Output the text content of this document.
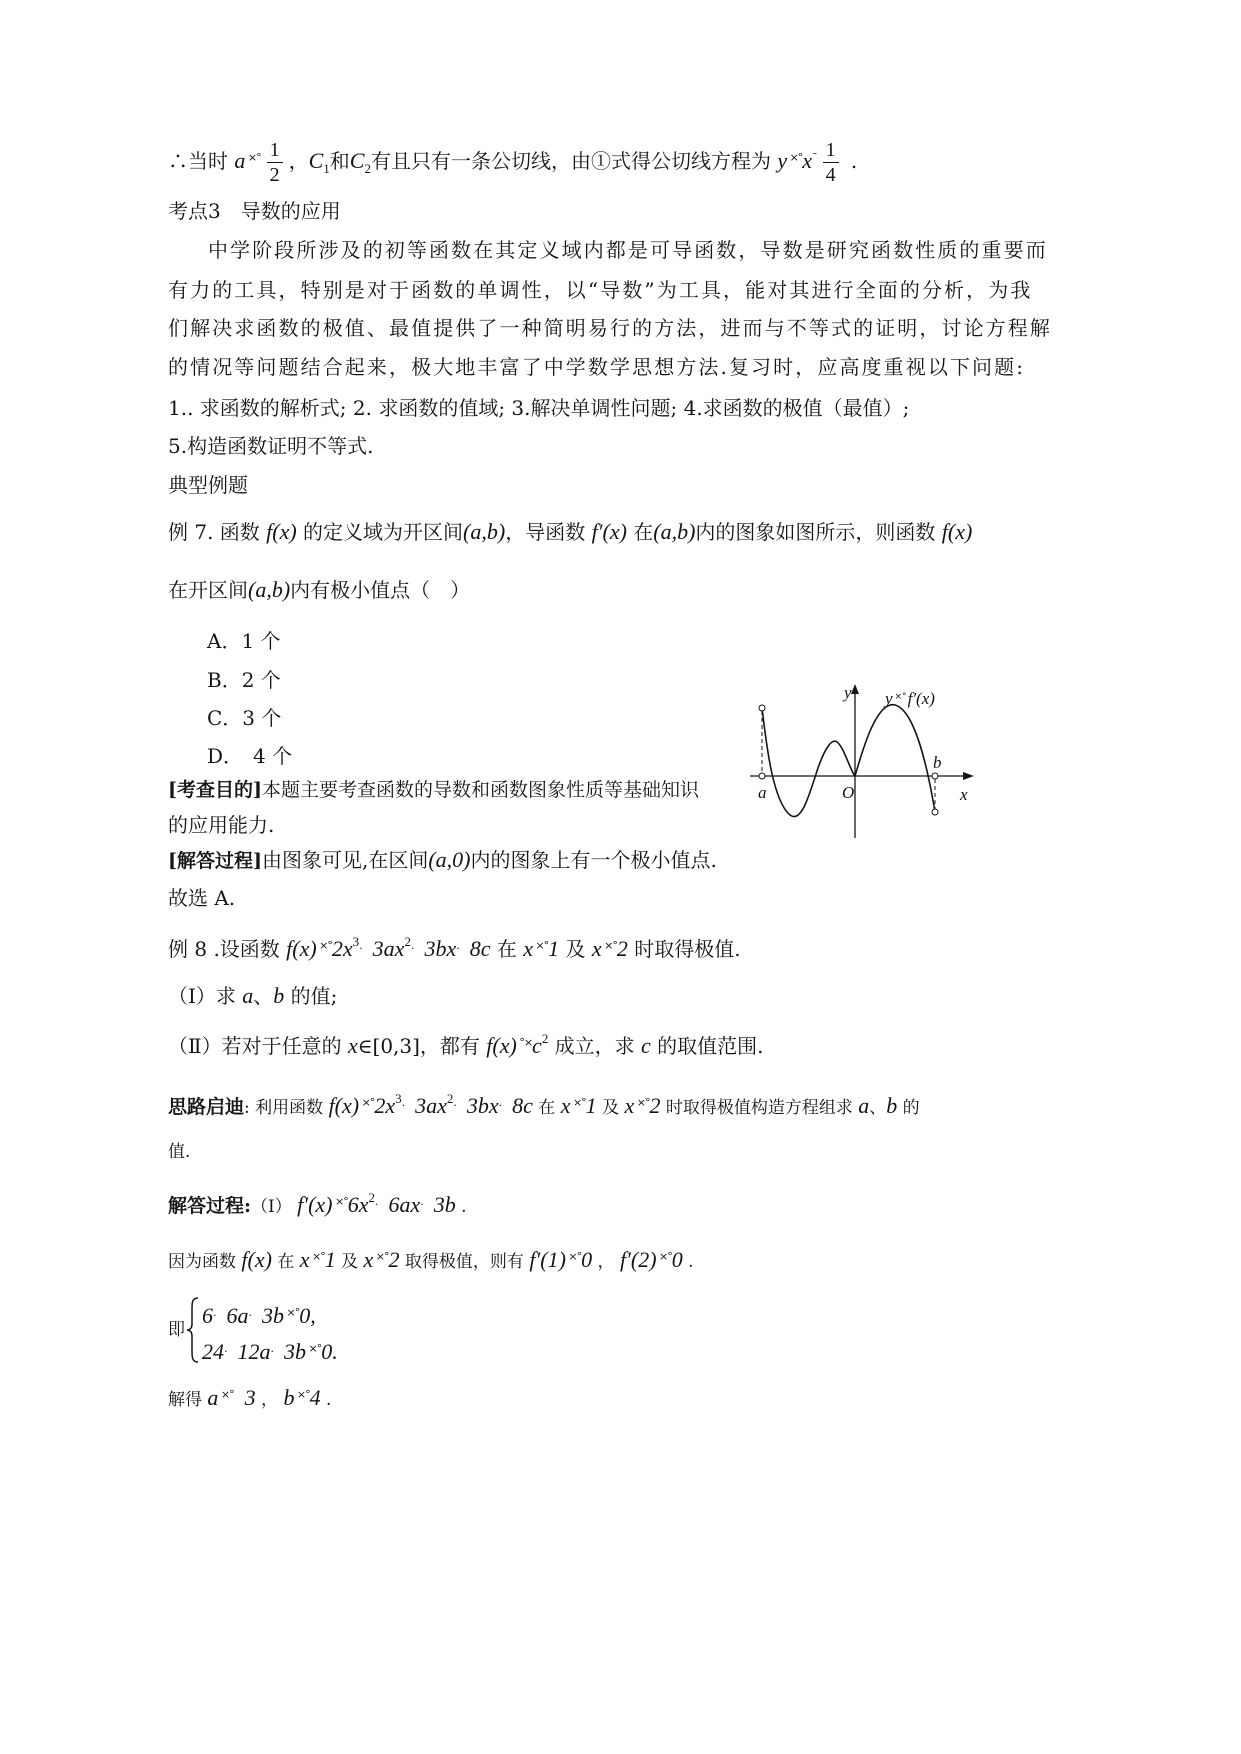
∴当时 a $^{\times^\circ} \frac{1}{2}$ ，$C_1$和$C_2$有且只有一条公切线，由①式得公切线方程为 y $^{\times^\circ}x^ˉ \frac{1}{4}$ .
考点3　导数的应用
中学阶段所涉及的初等函数在其定义域内都是可导函数，导数是研究函数性质的重要而
有力的工具，特别是对于函数的单调性，以“导数”为工具，能对其进行全面的分析，为我
们解决求函数的极值、最值提供了一种简明易行的方法，进而与不等式的证明，讨论方程解
的情况等问题结合起来，极大地丰富了中学数学思想方法.复习时，应高度重视以下问题:
1.. 求函数的解析式; 2. 求函数的值域; 3.解决单调性问题; 4.求函数的极值（最值）;
5.构造函数证明不等式.
典型例题
例 7. 函数 f(x) 的定义域为开区间(a,b)，导函数 f′(x) 在(a,b)内的图象如图所示，则函数 f(x)
在开区间(a,b)内有极小值点（　）
A．1 个
B．2 个
C．3 个
D．　4 个
[考查目的]本题主要考查函数的导数和函数图象性质等基础知识
的应用能力.
[解答过程]由图象可见,在区间(a,0)内的图象上有一个极小值点.
故选 A.
y y ×°f′(x)
a	O
b
x
例 8 .设函数 f(x) $^{\times^\circ}2x^{3.}$  $3ax^{2.}$  3bx.  8c 在 x ×°1 及 x ×°2 时取得极值.
（Ⅰ）求 a、b 的值;
（Ⅱ）若对于任意的 x∈[0,3]，都有 f(x) $^{^\circ\times}c^2$ 成立，求 c 的取值范围.
思路启迪: 利用函数 f(x) $^{\times^\circ}2x^{3.}$  $3ax^{2.}$  3bx.  8c 在 x ×°1 及 x ×°2 时取得极值构造方程组求 a、b 的
值.
解答过程:（Ⅰ） f′(x) $^{\times^\circ}6x^{2.}$  6ax.  3b .
因为函数 f(x) 在 x ×°1 及 x ×°2 取得极值，则有 f′(1) ×°0 ， f′(2) ×°0 .
即
6.  6a.  3b ×°0,
24.  12a.  3b ×°0.
解得 a ×°  3 ， b ×°4 .
